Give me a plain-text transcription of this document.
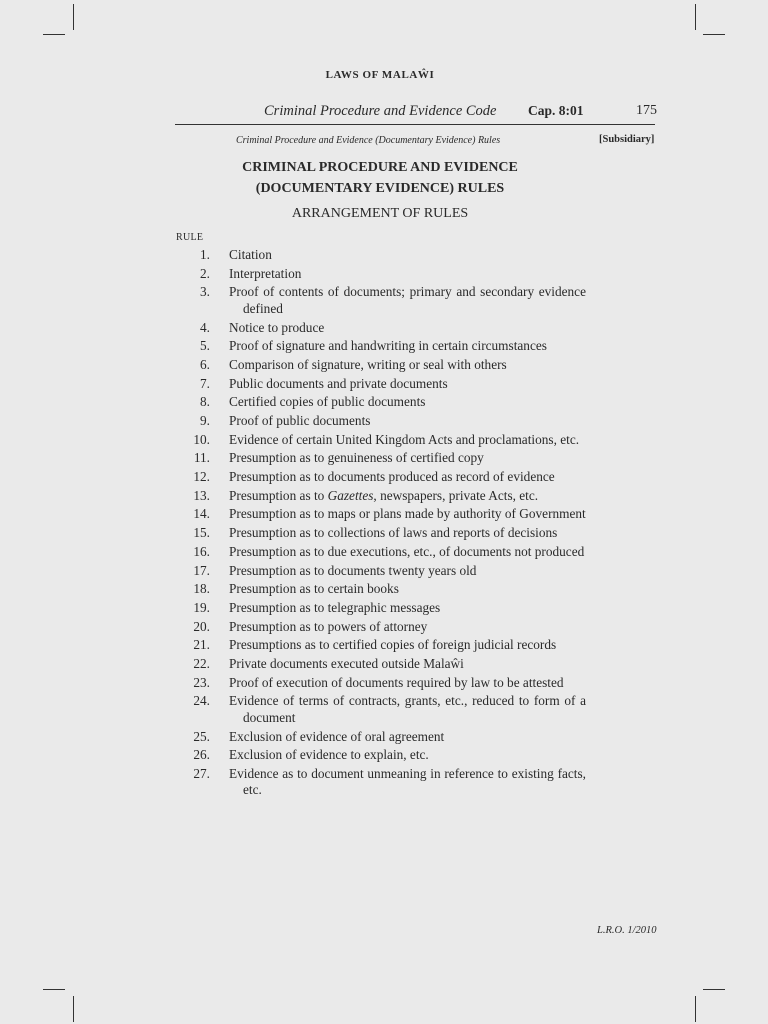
LAWS OF MALAŴI
Criminal Procedure and Evidence Code Cap. 8:01	175
Criminal Procedure and Evidence (Documentary Evidence) Rules	[Subsidiary]
CRIMINAL PROCEDURE AND EVIDENCE
(DOCUMENTARY EVIDENCE) RULES
ARRANGEMENT OF RULES
RULE
1. Citation
2. Interpretation
3. Proof of contents of documents; primary and secondary evidence defined
4. Notice to produce
5. Proof of signature and handwriting in certain circumstances
6. Comparison of signature, writing or seal with others
7. Public documents and private documents
8. Certified copies of public documents
9. Proof of public documents
10. Evidence of certain United Kingdom Acts and proclamations, etc.
11. Presumption as to genuineness of certified copy
12. Presumption as to documents produced as record of evidence
13. Presumption as to Gazettes, newspapers, private Acts, etc.
14. Presumption as to maps or plans made by authority of Government
15. Presumption as to collections of laws and reports of decisions
16. Presumption as to due executions, etc., of documents not produced
17. Presumption as to documents twenty years old
18. Presumption as to certain books
19. Presumption as to telegraphic messages
20. Presumption as to powers of attorney
21. Presumptions as to certified copies of foreign judicial records
22. Private documents executed outside Malaŵi
23. Proof of execution of documents required by law to be attested
24. Evidence of terms of contracts, grants, etc., reduced to form of a document
25. Exclusion of evidence of oral agreement
26. Exclusion of evidence to explain, etc.
27. Evidence as to document unmeaning in reference to existing facts, etc.
L.R.O. 1/2010
